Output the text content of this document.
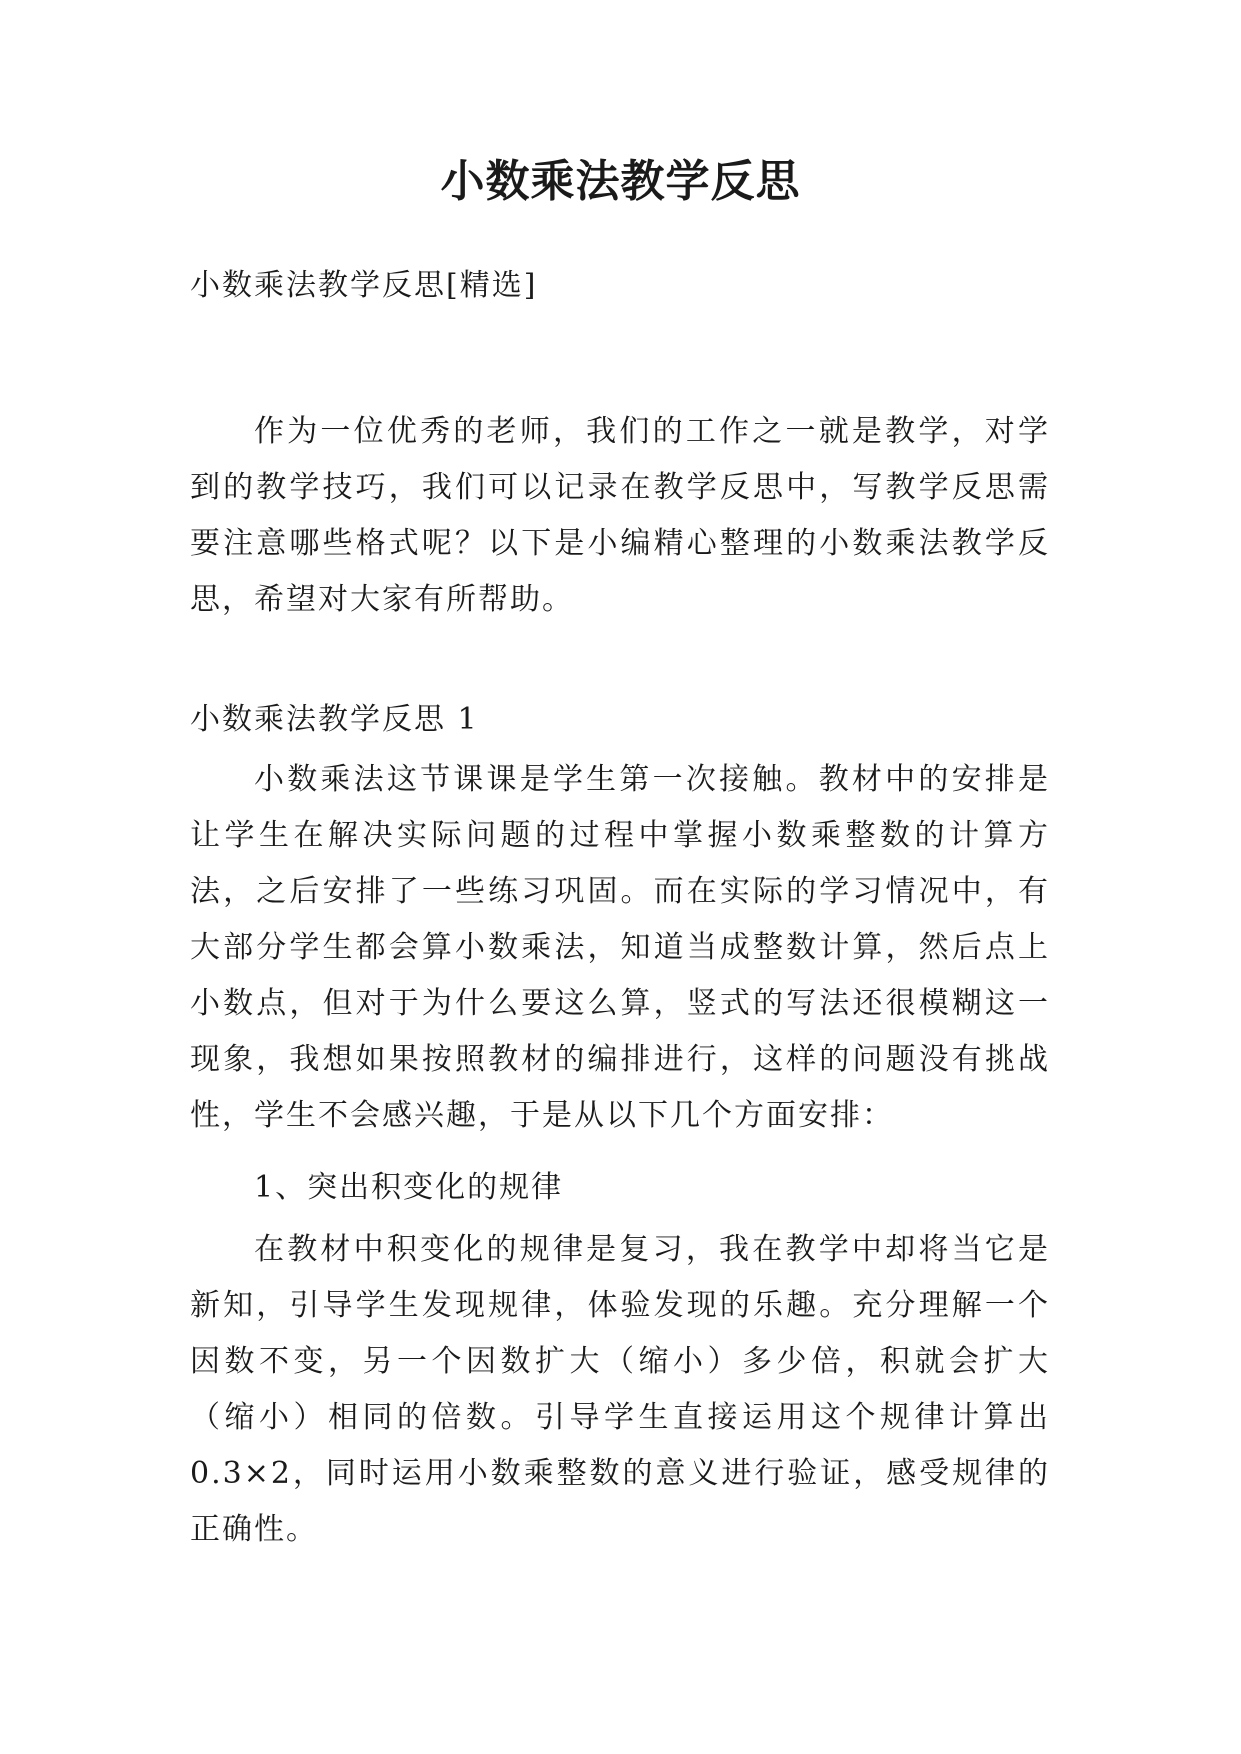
小数乘法教学反思

小数乘法教学反思[精选]

作为一位优秀的老师，我们的工作之一就是教学，对学到的教学技巧，我们可以记录在教学反思中，写教学反思需要注意哪些格式呢？以下是小编精心整理的小数乘法教学反思，希望对大家有所帮助。

小数乘法教学反思 1

小数乘法这节课课是学生第一次接触。教材中的安排是让学生在解决实际问题的过程中掌握小数乘整数的计算方法，之后安排了一些练习巩固。而在实际的学习情况中，有大部分学生都会算小数乘法，知道当成整数计算，然后点上小数点，但对于为什么要这么算，竖式的写法还很模糊这一现象，我想如果按照教材的编排进行，这样的问题没有挑战性，学生不会感兴趣，于是从以下几个方面安排：

1、突出积变化的规律

在教材中积变化的规律是复习，我在教学中却将当它是新知，引导学生发现规律，体验发现的乐趣。充分理解一个因数不变，另一个因数扩大（缩小）多少倍，积就会扩大（缩小）相同的倍数。引导学生直接运用这个规律计算出0.3×2，同时运用小数乘整数的意义进行验证，感受规律的正确性。
